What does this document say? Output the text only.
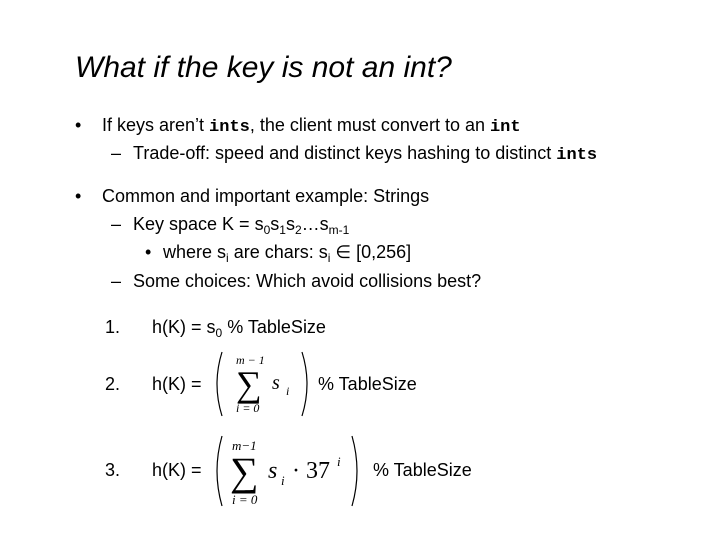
What if the key is not an int?
• If keys aren’t ints, the client must convert to an int
– Trade-off: speed and distinct keys hashing to distinct ints
• Common and important example: Strings
– Key space $K = s_0s_1s_2\dots s_{m-1}$
• where $s_i$ are chars: $s_i$ ∈ [0,256]
– Some choices: Which avoid collisions best?
1. $h(K) = s_0$ % TableSize
2. h(K) =
m − 1
∑
i = 0
s i % TableSize
3. h(K) =
m−1
∑
i = 0
s i · 37 i % TableSize
